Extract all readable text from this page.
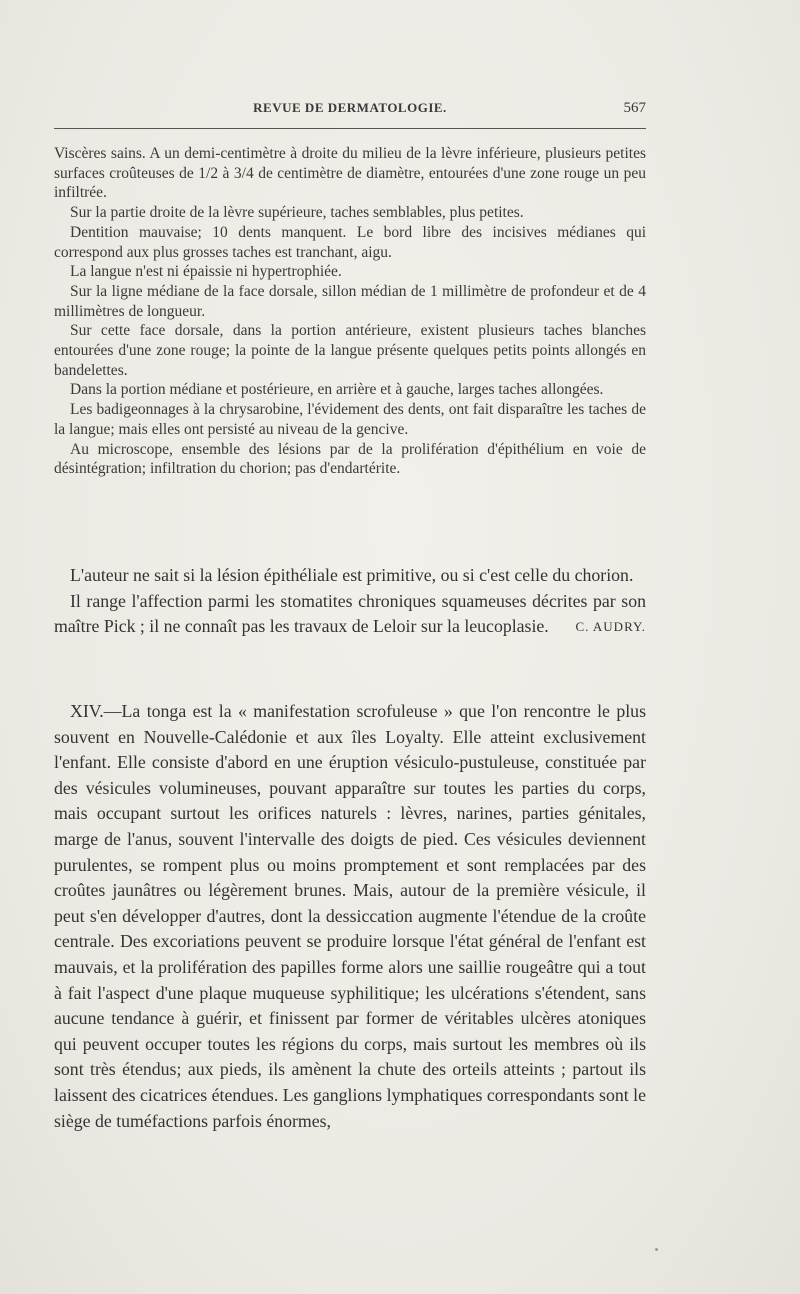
REVUE DE DERMATOLOGIE.	567

Viscères sains. A un demi-centimètre à droite du milieu de la lèvre inférieure, plusieurs petites surfaces croûteuses de 1/2 à 3/4 de centimètre de diamètre, entourées d'une zone rouge un peu infiltrée.

Sur la partie droite de la lèvre supérieure, taches semblables, plus petites.

Dentition mauvaise; 10 dents manquent. Le bord libre des incisives médianes qui correspond aux plus grosses taches est tranchant, aigu.

La langue n'est ni épaissie ni hypertrophiée.

Sur la ligne médiane de la face dorsale, sillon médian de 1 millimètre de profondeur et de 4 millimètres de longueur.

Sur cette face dorsale, dans la portion antérieure, existent plusieurs taches blanches entourées d'une zone rouge; la pointe de la langue présente quelques petits points allongés en bandelettes.

Dans la portion médiane et postérieure, en arrière et à gauche, larges taches allongées.

Les badigeonnages à la chrysarobine, l'évidement des dents, ont fait disparaître les taches de la langue; mais elles ont persisté au niveau de la gencive.

Au microscope, ensemble des lésions par de la prolifération d'épithélium en voie de désintégration; infiltration du chorion; pas d'endartérite.

L'auteur ne sait si la lésion épithéliale est primitive, ou si c'est celle du chorion.

Il range l'affection parmi les stomatites chroniques squameuses décrites par son maître Pick ; il ne connaît pas les travaux de Leloir sur la leucoplasie.	C. AUDRY.

XIV.—La tonga est la « manifestation scrofuleuse » que l'on rencontre le plus souvent en Nouvelle-Calédonie et aux îles Loyalty. Elle atteint exclusivement l'enfant. Elle consiste d'abord en une éruption vésiculo-pustuleuse, constituée par des vésicules volumineuses, pouvant apparaître sur toutes les parties du corps, mais occupant surtout les orifices naturels : lèvres, narines, parties génitales, marge de l'anus, souvent l'intervalle des doigts de pied. Ces vésicules deviennent purulentes, se rompent plus ou moins promptement et sont remplacées par des croûtes jaunâtres ou légèrement brunes. Mais, autour de la première vésicule, il peut s'en développer d'autres, dont la dessiccation augmente l'étendue de la croûte centrale. Des excoriations peuvent se produire lorsque l'état général de l'enfant est mauvais, et la prolifération des papilles forme alors une saillie rougeâtre qui a tout à fait l'aspect d'une plaque muqueuse syphilitique; les ulcérations s'étendent, sans aucune tendance à guérir, et finissent par former de véritables ulcères atoniques qui peuvent occuper toutes les régions du corps, mais surtout les membres où ils sont très étendus; aux pieds, ils amènent la chute des orteils atteints ; partout ils laissent des cicatrices étendues. Les ganglions lymphatiques correspondants sont le siège de tuméfactions parfois énormes,
